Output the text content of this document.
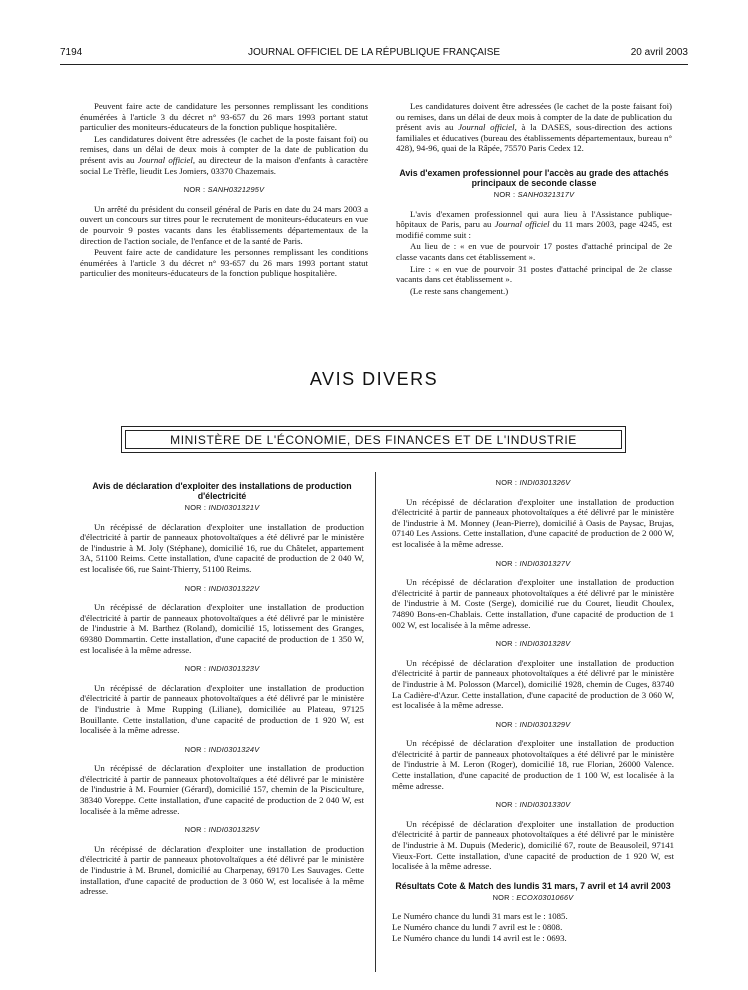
7194	JOURNAL OFFICIEL DE LA RÉPUBLIQUE FRANÇAISE	20 avril 2003

Peuvent faire acte de candidature les personnes remplissant les conditions énumérées à l'article 3 du décret n° 93-657 du 26 mars 1993 portant statut particulier des moniteurs-éducateurs de la fonction publique hospitalière.

Les candidatures doivent être adressées (le cachet de la poste faisant foi) ou remises, dans un délai de deux mois à compter de la date de publication du présent avis au Journal officiel, au directeur de la maison d'enfants à caractère social Le Trèfle, lieudit Les Jomiers, 03370 Chazemais.

NOR : SANH0321295V

Un arrêté du président du conseil général de Paris en date du 24 mars 2003 a ouvert un concours sur titres pour le recrutement de moniteurs-éducateurs en vue de pourvoir 9 postes vacants dans les établissements départementaux de la direction de l'action sociale, de l'enfance et de la santé de Paris.

Peuvent faire acte de candidature les personnes remplissant les conditions énumérées à l'article 3 du décret n° 93-657 du 26 mars 1993 portant statut particulier des moniteurs-éducateurs de la fonction publique hospitalière.

Les candidatures doivent être adressées (le cachet de la poste faisant foi) ou remises, dans un délai de deux mois à compter de la date de publication du présent avis au Journal officiel, à la DASES, sous-direction des actions familiales et éducatives (bureau des établissements départementaux, bureau n° 428), 94-96, quai de la Râpée, 75570 Paris Cedex 12.

Avis d'examen professionnel pour l'accès au grade des attachés principaux de seconde classe
NOR : SANH0321317V

L'avis d'examen professionnel qui aura lieu à l'Assistance publique-hôpitaux de Paris, paru au Journal officiel du 11 mars 2003, page 4245, est modifié comme suit :

Au lieu de : « en vue de pourvoir 17 postes d'attaché principal de 2e classe vacants dans cet établissement ».

Lire : « en vue de pourvoir 31 postes d'attaché principal de 2e classe vacants dans cet établissement ».

(Le reste sans changement.)

AVIS DIVERS
MINISTÈRE DE L'ÉCONOMIE, DES FINANCES ET DE L'INDUSTRIE
Avis de déclaration d'exploiter des installations de production d'électricité
NOR : INDI0301321V

Un récépissé de déclaration d'exploiter une installation de production d'électricité à partir de panneaux photovoltaïques a été délivré par le ministère de l'industrie à M. Joly (Stéphane), domicilié 16, rue du Châtelet, appartement 3A, 51100 Reims. Cette installation, d'une capacité de production de 2 040 W, est localisée 66, rue Saint-Thierry, 51100 Reims.

NOR : INDI0301322V

Un récépissé de déclaration d'exploiter une installation de production d'électricité à partir de panneaux photovoltaïques a été délivré par le ministère de l'industrie à M. Barthez (Roland), domicilié 15, lotissement des Granges, 69380 Dommartin. Cette installation, d'une capacité de production de 1 350 W, est localisée à la même adresse.

NOR : INDI0301323V

Un récépissé de déclaration d'exploiter une installation de production d'électricité à partir de panneaux photovoltaïques a été délivré par le ministère de l'industrie à Mme Rupping (Liliane), domiciliée au Plateau, 97125 Bouillante. Cette installation, d'une capacité de production de 1 920 W, est localisée à la même adresse.

NOR : INDI0301324V

Un récépissé de déclaration d'exploiter une installation de production d'électricité à partir de panneaux photovoltaïques a été délivré par le ministère de l'industrie à M. Fournier (Gérard), domicilié 157, chemin de la Pisciculture, 38340 Voreppe. Cette installation, d'une capacité de production de 2 040 W, est localisée à la même adresse.

NOR : INDI0301325V

Un récépissé de déclaration d'exploiter une installation de production d'électricité à partir de panneaux photovoltaïques a été délivré par le ministère de l'industrie à M. Brunel, domicilié au Charpenay, 69170 Les Sauvages. Cette installation, d'une capacité de production de 3 060 W, est localisée à la même adresse.

NOR : INDI0301326V

Un récépissé de déclaration d'exploiter une installation de production d'électricité à partir de panneaux photovoltaïques a été délivré par le ministère de l'industrie à M. Monney (Jean-Pierre), domicilié à Oasis de Paysac, Brujas, 07140 Les Assions. Cette installation, d'une capacité de production de 2 000 W, est localisée à la même adresse.

NOR : INDI0301327V

Un récépissé de déclaration d'exploiter une installation de production d'électricité à partir de panneaux photovoltaïques a été délivré par le ministère de l'industrie à M. Coste (Serge), domicilié rue du Couret, lieudit Choulex, 74890 Bons-en-Chablais. Cette installation, d'une capacité de production de 1 002 W, est localisée à la même adresse.

NOR : INDI0301328V

Un récépissé de déclaration d'exploiter une installation de production d'électricité à partir de panneaux photovoltaïques a été délivré par le ministère de l'industrie à M. Polosson (Marcel), domicilié 1928, chemin de Cuges, 83740 La Cadière-d'Azur. Cette installation, d'une capacité de production de 3 060 W, est localisée à la même adresse.

NOR : INDI0301329V

Un récépissé de déclaration d'exploiter une installation de production d'électricité à partir de panneaux photovoltaïques a été délivré par le ministère de l'industrie à M. Leron (Roger), domicilié 18, rue Florian, 26000 Valence. Cette installation, d'une capacité de production de 1 100 W, est localisée à la même adresse.

NOR : INDI0301330V

Un récépissé de déclaration d'exploiter une installation de production d'électricité à partir de panneaux photovoltaïques a été délivré par le ministère de l'industrie à M. Dupuis (Mederic), domicilié 67, route de Beausoleil, 97141 Vieux-Fort. Cette installation, d'une capacité de production de 1 920 W, est localisée à la même adresse.

Résultats Cote & Match des lundis 31 mars, 7 avril et 14 avril 2003
NOR : ECOX0301066V

Le Numéro chance du lundi 31 mars est le : 1085.

Le Numéro chance du lundi 7 avril est le : 0808.

Le Numéro chance du lundi 14 avril est le : 0693.
